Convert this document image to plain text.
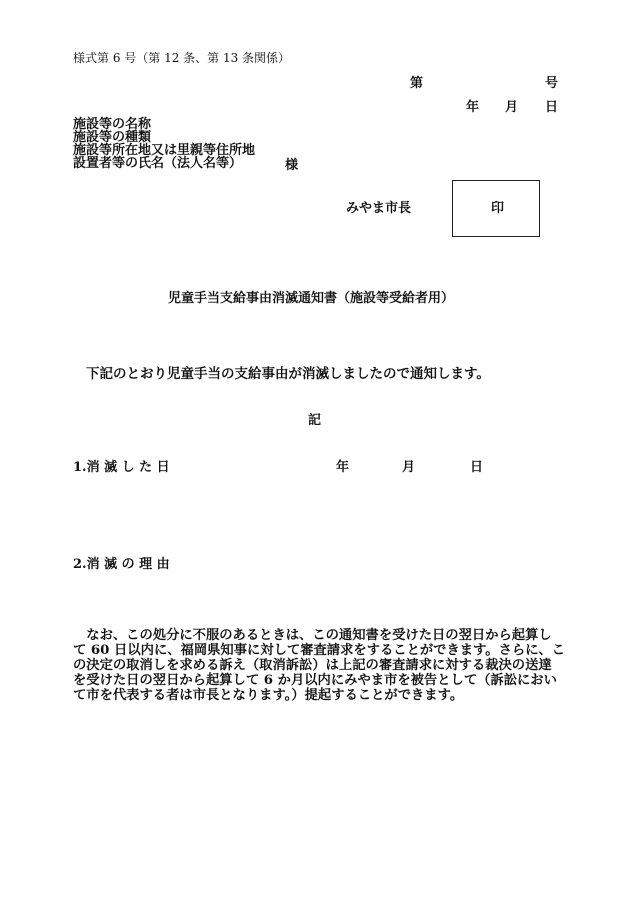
様式第 6 号（第 12 条、第 13 条関係）
第	号
年 月 日
施設等の名称
施設等の種類
施設等所在地又は里親等住所地
設置者等の氏名（法人名等）	様
みやま市長	印
児童手当支給事由消滅通知書（施設等受給者用）
下記のとおり児童手当の支給事由が消滅しましたので通知します。
記
1.消 滅 し た 日	年	月	日
2.消 滅 の 理 由
　なお、この処分に不服のあるときは、この通知書を受けた日の翌日から起算し
て 60 日以内に、福岡県知事に対して審査請求をすることができます。さらに、こ
の決定の取消しを求める訴え（取消訴訟）は上記の審査請求に対する裁決の送達
を受けた日の翌日から起算して 6 か月以内にみやま市を被告として（訴訟におい
て市を代表する者は市長となります。）提起することができます。
